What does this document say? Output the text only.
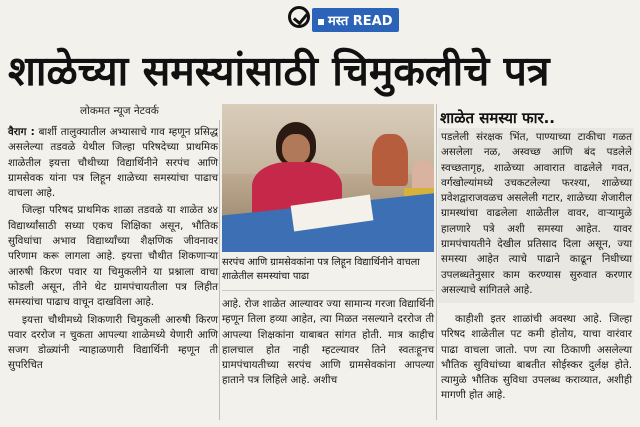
मस्त READ
शाळेच्या समस्यांसाठी चिमुकलीचे पत्र
लोकमत न्यूज नेटवर्क

वैराग : बार्शी तालुक्यातील अभ्यासाचे गाव म्हणून प्रसिद्ध असलेल्या तडवळे येथील जिल्हा परिषदेच्या प्राथमिक शाळेतील इयत्ता चौथीच्या विद्यार्थिनीने सरपंच आणि ग्रामसेवक यांना पत्र लिहून शाळेच्या समस्यांचा पाढाच वाचला आहे.

जिल्हा परिषद प्राथमिक शाळा तडवळे या शाळेत ४४ विद्यार्थ्यांसाठी सध्या एकच शिक्षिका असून, भौतिक सुविधांचा अभाव विद्यार्थ्यांच्या शैक्षणिक जीवनावर परिणाम करू लागला आहे. इयत्ता चौथीत शिकणाऱ्या आरुषी किरण पवार या चिमुकलीने या प्रश्नाला वाचा फोडली असून, तीने थेट ग्रामपंचायतीला पत्र लिहीत समस्यांचा पाढाच वाचून दाखविला आहे.

इयत्ता चौथीमध्ये शिकणारी चिमुकली आरुषी किरण पवार दररोज न चुकता आपल्या शाळेमध्ये येणारी आणि सजग डोळ्यांनी न्याहाळणारी विद्यार्थिनी म्हणून ती सुपरिचित

सरपंच आणि ग्रामसेवकांना पत्र लिहून विद्यार्थिनीने वाचला शाळेतील समस्यांचा पाढा

आहे. रोज शाळेत आल्यावर ज्या सामान्य गरजा विद्यार्थिनी म्हणून तिला हव्या आहेत, त्या मिळत नसल्याने दररोज ती आपल्या शिक्षकांना याबाबत सांगत होती. मात्र काहीच हालचाल होत नाही म्हटल्यावर तिने स्वतःहूनच ग्रामपंचायतीच्या सरपंच आणि ग्रामसेवकांना आपल्या हाताने पत्र लिहिले आहे. अशीच

शाळेत समस्या फार..

पडलेली संरक्षक भिंत, पाण्याच्या टाकीचा गळत असलेला नळ, अस्वच्छ आणि बंद पडलेले स्वच्छतागृह, शाळेच्या आवारात वाढलेले गवत, वर्गखोल्यांमध्ये उचकटलेल्या फरश्या, शाळेच्या प्रवेशद्वाराजवळच असलेली गटार, शाळेच्या शेजारील ग्रामस्थांचा वाढलेला शाळेतील वावर, वाऱ्यामुळे हालणारे पत्रे अशी समस्या आहेत. यावर ग्रामपंचायतीने देखील प्रतिसाद दिला असून, ज्या समस्या आहेत त्याचे पाढाने काढून निधीच्या उपलब्धतेनुसार काम करण्यास सुरुवात करणार असल्याचे सांगितले आहे.

काहीशी इतर शाळांची अवस्था आहे. जिल्हा परिषद शाळेतील पट कमी होतोय, याचा वारंवार पाढा वाचला जातो. पण त्या ठिकाणी असलेल्या भौतिक सुविधांच्या बाबतीत सोईस्कर दुर्लक्ष होते. त्यामुळे भौतिक सुविधा उपलब्ध कराव्यात, अशीही मागणी होत आहे.
